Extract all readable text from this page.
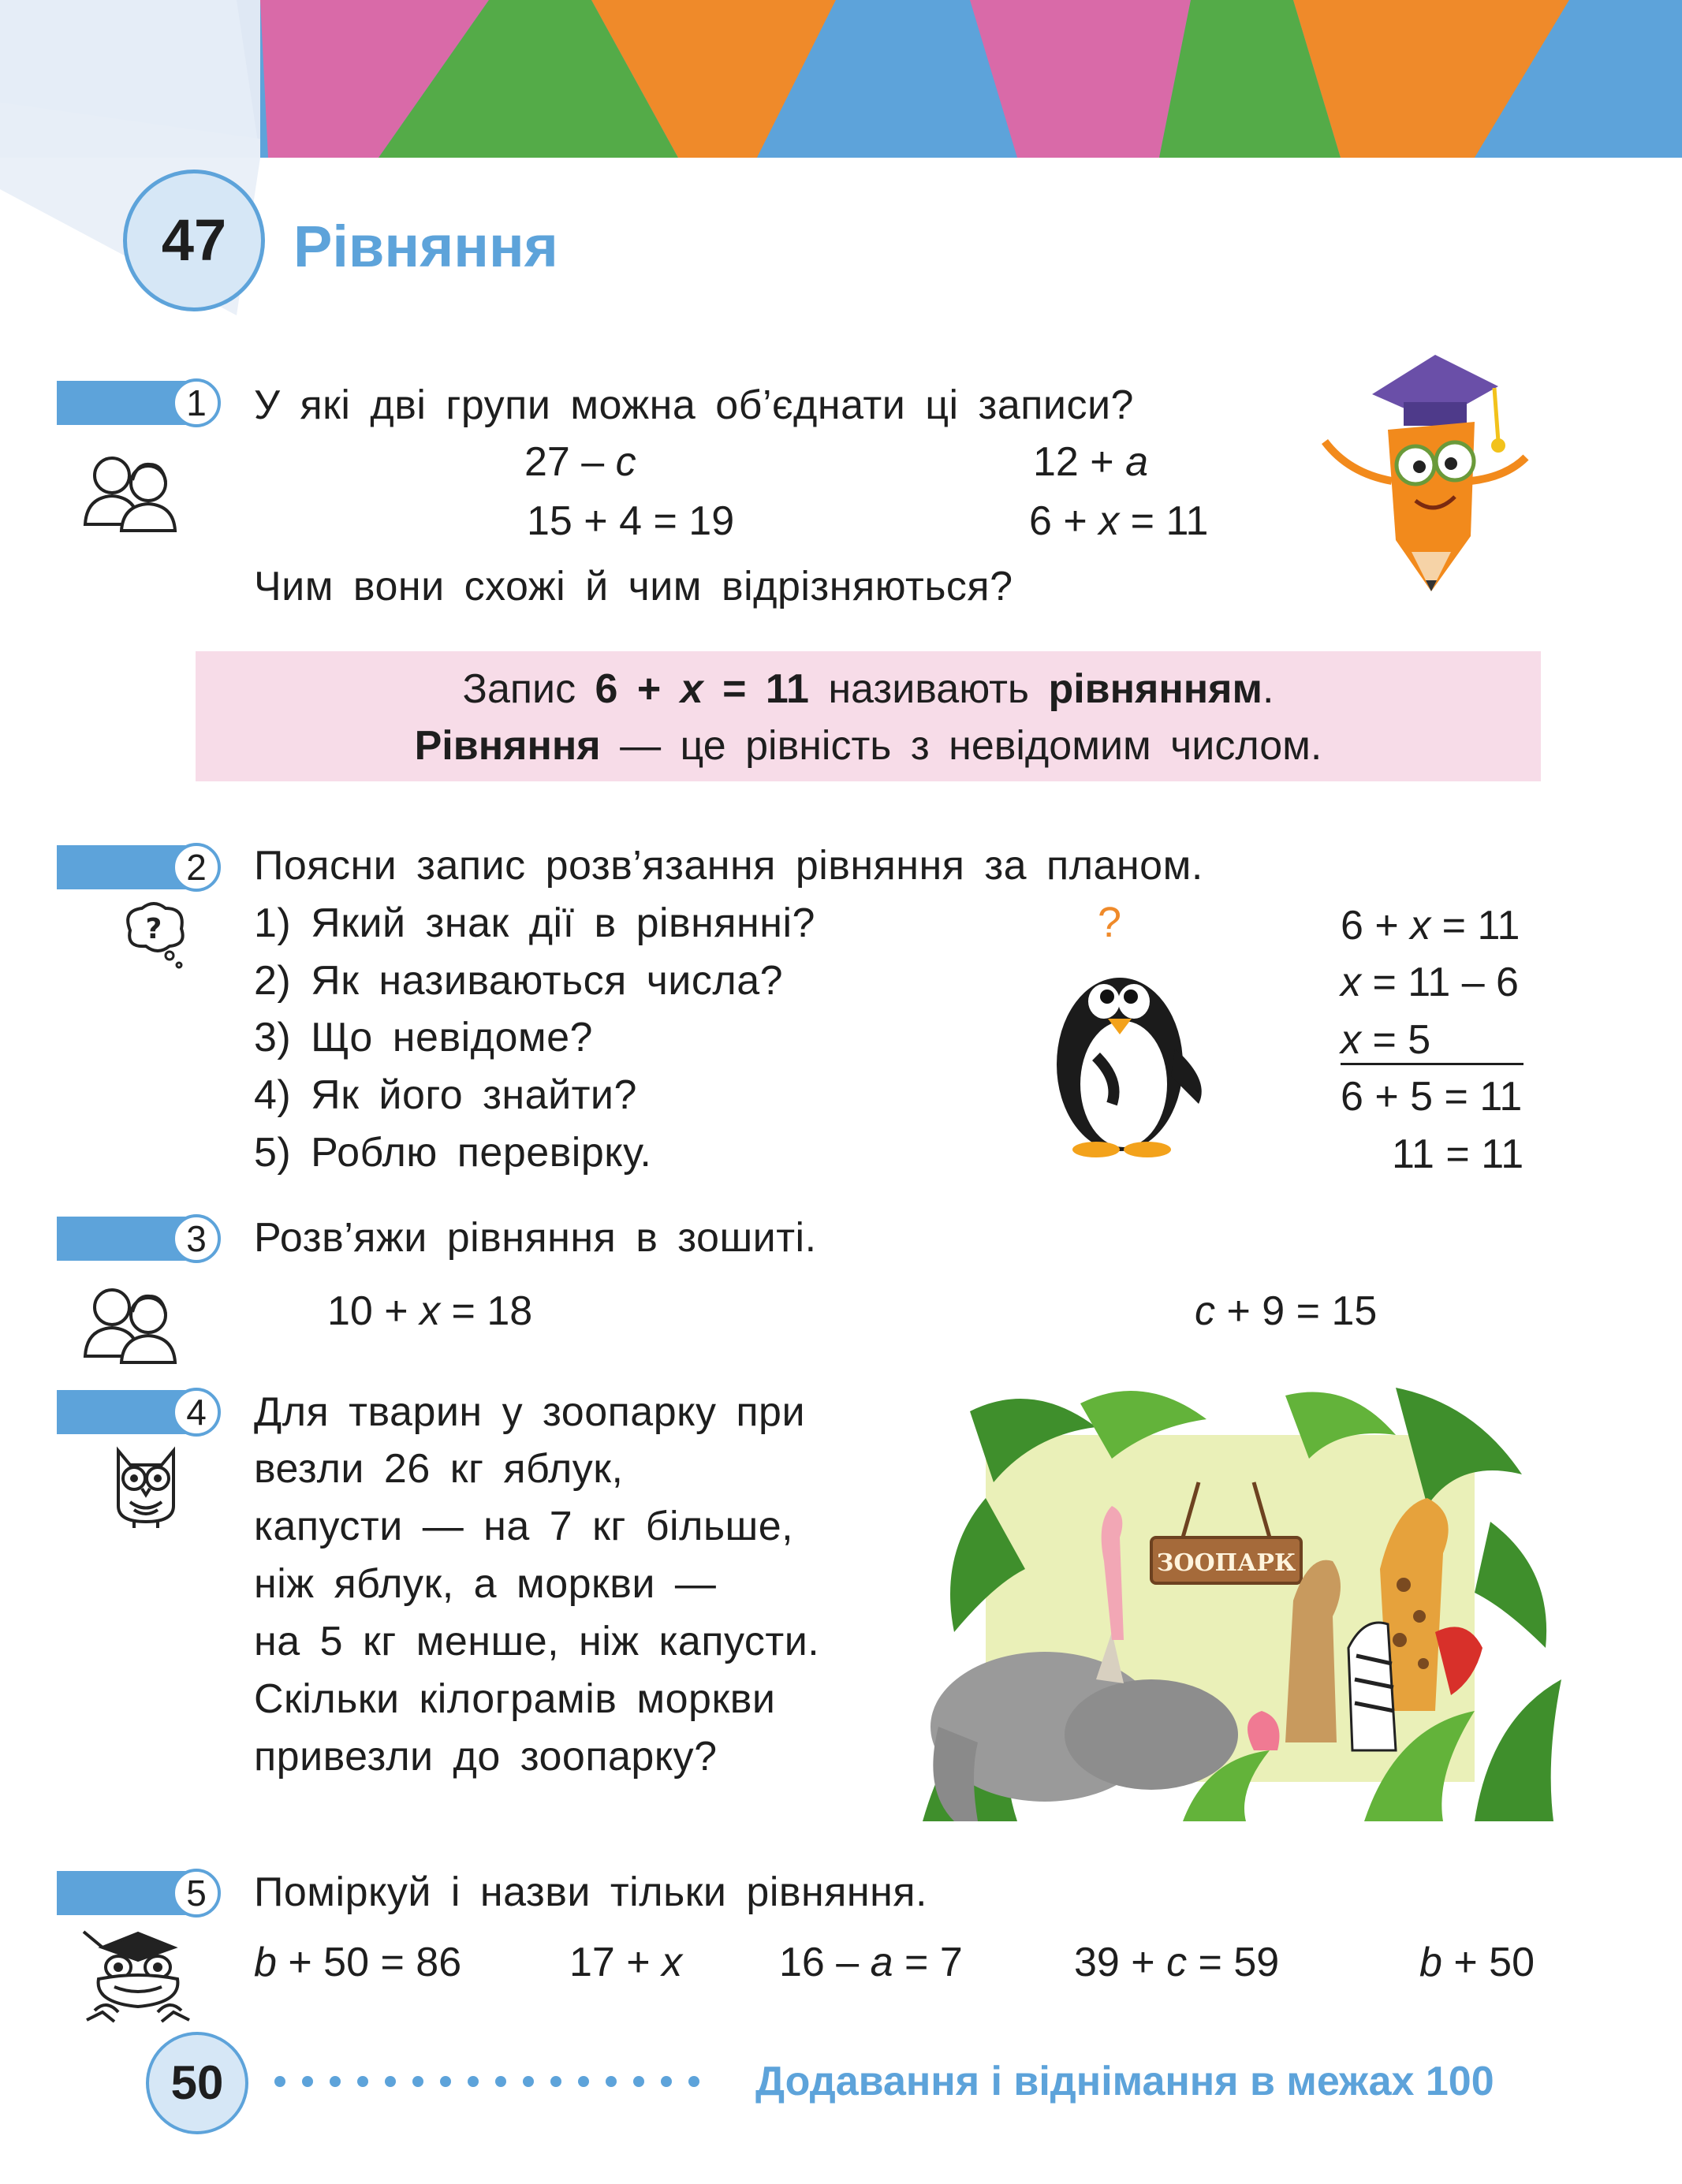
47	Рівняння
1	У які дві групи можна об’єднати ці записи?
27 – c	12 + a
15 + 4 = 19	6 + x = 11
Чим вони схожі й чим відрізняються?
Запис 6 + x = 11 називають рівнянням.
Рівняння — це рівність з невідомим числом.
2
?
Поясни запис розв’язання рівняння за планом.
1) Який знак дії в рівнянні?
2) Як називаються числа?
3) Що невідоме?
4) Як його знайти?
5) Роблю перевірку.
?	6 + x = 11
x = 11 – 6
x = 5
6 + 5 = 11
11 = 11
3	Розв’яжи рівняння в зошиті.
10 + x = 18	c + 9 = 15
4	Для тварин у зоопарку при
везли 26 кг яблук,
капусти — на 7 кг більше,
ніж яблук, а моркви —
на 5 кг менше, ніж капусти.
Скільки кілограмів моркви
привезли до зоопарку?
ЗООПАРК
5	Поміркуй і назви тільки рівняння.
b + 50 = 86	17 + x 16 – a = 7	39 + c = 59	b + 50
50	Додавання і віднімання в межах 100
